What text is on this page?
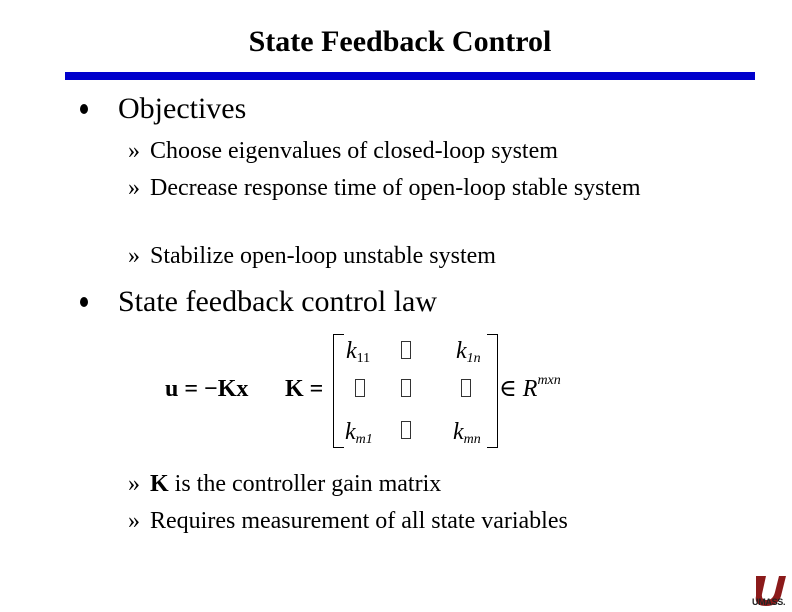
State Feedback Control
Objectives
» Choose eigenvalues of closed-loop system
» Decrease response time of open-loop stable system
» Stabilize open-loop unstable system
State feedback control law
u = −Kx K =
$k_{11}$	$k_{1n}$
$k_{m1}$	$k_{mn}$
∈ $R^{mxn}$
» K is the controller gain matrix
» Requires measurement of all state variables
UMASS.
